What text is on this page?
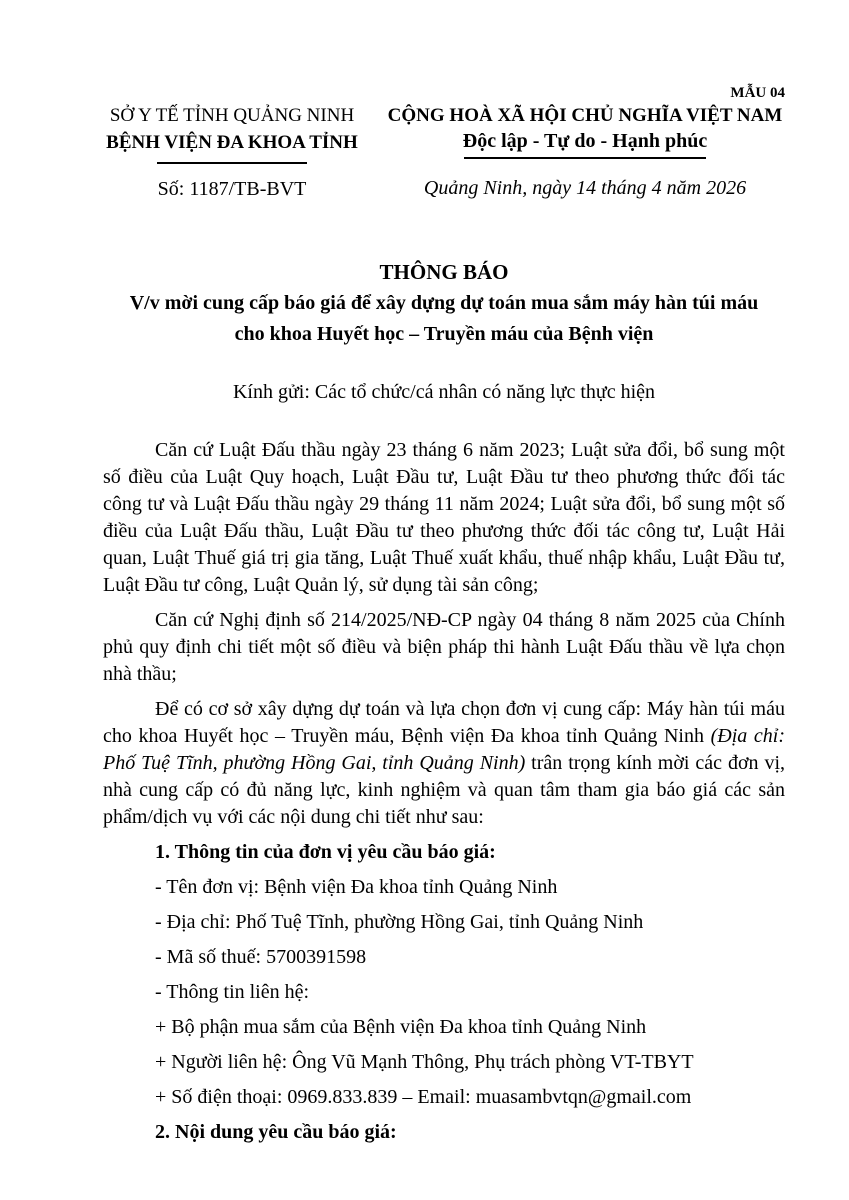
SỞ Y TẾ TỈNH QUẢNG NINH
BỆNH VIỆN ĐA KHOA TỈNH
Số: 1187/TB-BVT
MẪU 04
CỘNG HOÀ XÃ HỘI CHỦ NGHĨA VIỆT NAM
Độc lập - Tự do - Hạnh phúc
Quảng Ninh, ngày 14 tháng 4 năm 2026
THÔNG BÁO
V/v mời cung cấp báo giá để xây dựng dự toán mua sắm máy hàn túi máu
cho khoa Huyết học – Truyền máu của Bệnh viện
Kính gửi: Các tổ chức/cá nhân có năng lực thực hiện

Căn cứ Luật Đấu thầu ngày 23 tháng 6 năm 2023; Luật sửa đổi, bổ sung một số điều của Luật Quy hoạch, Luật Đầu tư, Luật Đầu tư theo phương thức đối tác công tư và Luật Đấu thầu ngày 29 tháng 11 năm 2024; Luật sửa đổi, bổ sung một số điều của Luật Đấu thầu, Luật Đầu tư theo phương thức đối tác công tư, Luật Hải quan, Luật Thuế giá trị gia tăng, Luật Thuế xuất khẩu, thuế nhập khẩu, Luật Đầu tư, Luật Đầu tư công, Luật Quản lý, sử dụng tài sản công;

Căn cứ Nghị định số 214/2025/NĐ-CP ngày 04 tháng 8 năm 2025 của Chính phủ quy định chi tiết một số điều và biện pháp thi hành Luật Đấu thầu về lựa chọn nhà thầu;

Để có cơ sở xây dựng dự toán và lựa chọn đơn vị cung cấp: Máy hàn túi máu cho khoa Huyết học – Truyền máu, Bệnh viện Đa khoa tỉnh Quảng Ninh (Địa chỉ: Phố Tuệ Tĩnh, phường Hồng Gai, tỉnh Quảng Ninh) trân trọng kính mời các đơn vị, nhà cung cấp có đủ năng lực, kinh nghiệm và quan tâm tham gia báo giá các sản phẩm/dịch vụ với các nội dung chi tiết như sau:

1. Thông tin của đơn vị yêu cầu báo giá:
- Tên đơn vị: Bệnh viện Đa khoa tỉnh Quảng Ninh
- Địa chỉ: Phố Tuệ Tĩnh, phường Hồng Gai, tỉnh Quảng Ninh
- Mã số thuế: 5700391598
- Thông tin liên hệ:
+ Bộ phận mua sắm của Bệnh viện Đa khoa tỉnh Quảng Ninh
+ Người liên hệ: Ông Vũ Mạnh Thông, Phụ trách phòng VT-TBYT
+ Số điện thoại: 0969.833.839 – Email: muasambvtqn@gmail.com
2. Nội dung yêu cầu báo giá:
